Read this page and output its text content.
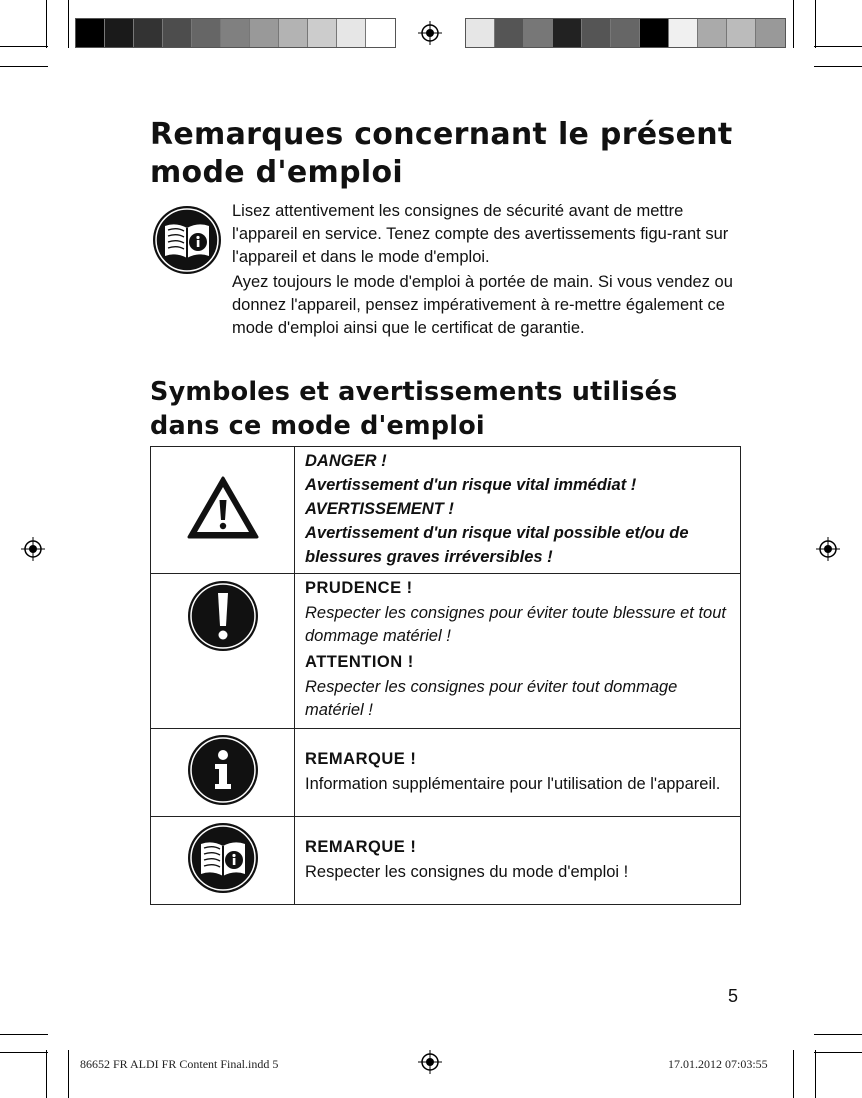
Remarques concernant le présent mode d'emploi

Lisez attentivement les consignes de sécurité avant de mettre l'appareil en service. Tenez compte des avertissements figu-rant sur l'appareil et dans le mode d'emploi.

Ayez toujours le mode d'emploi à portée de main. Si vous vendez ou donnez l'appareil, pensez impérativement à re-mettre également ce mode d'emploi ainsi que le certificat de garantie.

Symboles et avertissements utilisés dans ce mode d'emploi

DANGER !

Avertissement d'un risque vital immédiat !

AVERTISSEMENT !

Avertissement d'un risque vital possible et/ou de blessures graves irréversibles !

PRUDENCE !

Respecter les consignes pour éviter toute blessure et tout dommage matériel !

ATTENTION !

Respecter les consignes pour éviter tout dommage matériel !

REMARQUE !

Information supplémentaire pour l'utilisation de l'appareil.

REMARQUE !

Respecter les consignes du mode d'emploi !

5
86652 FR ALDI FR Content Final.indd 5	17.01.2012 07:03:55
